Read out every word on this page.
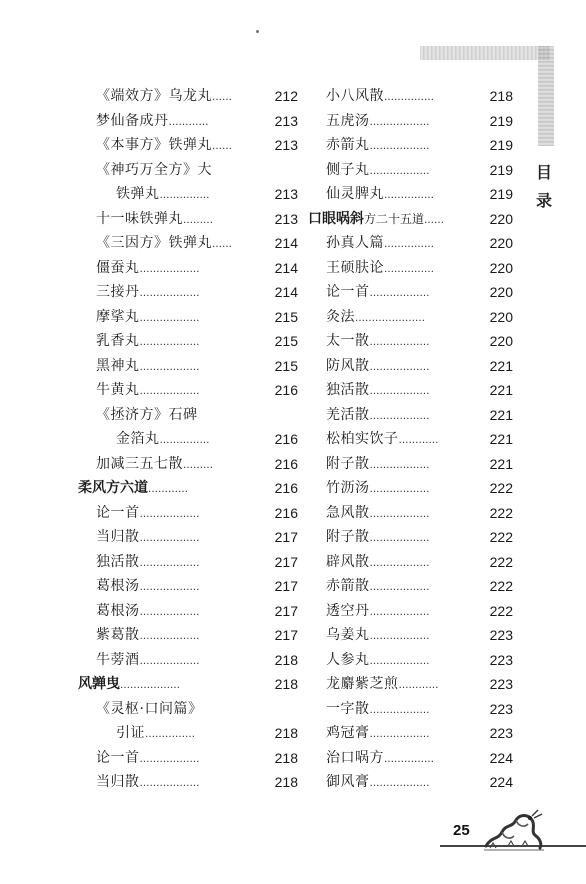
《端效方》乌龙丸……	212
梦仙备成丹…………	213
《本事方》铁弹丸……	213
《神巧万全方》大
铁弹丸……………	213
十一味铁弹丸………	213
《三因方》铁弹丸……	214
僵蚕丸………………	214
三接丹………………	214
摩挲丸………………	215
乳香丸………………	215
黑神丸………………	215
牛黄丸………………	216
《拯济方》石碑
金箔丸……………	216
加减三五七散………	216
柔风方六道…………	216
论一首………………	216
当归散………………	217
独活散………………	217
葛根汤………………	217
葛根汤………………	217
紫葛散………………	217
牛蒡酒………………	218
风亸曳………………	218
《灵枢·口问篇》
引证……………	218
论一首………………	218
当归散………………	218
小八风散……………	218
五虎汤………………	219
赤箭丸………………	219
侧子丸………………	219
仙灵脾丸……………	219
口眼㖞斜方二十五道……	220
孙真人篇……………	220
王硕肤论……………	220
论一首………………	220
灸法…………………	220
太一散………………	220
防风散………………	221
独活散………………	221
羌活散………………	221
松柏实饮子…………	221
附子散………………	221
竹沥汤………………	222
急风散………………	222
附子散………………	222
辟风散………………	222
赤箭散………………	222
透空丹………………	222
乌姜丸………………	223
人参丸………………	223
龙麝紫芝煎…………	223
一字散………………	223
鸡冠膏………………	223
治口㖞方……………	224
御风膏………………	224
目
录
25
